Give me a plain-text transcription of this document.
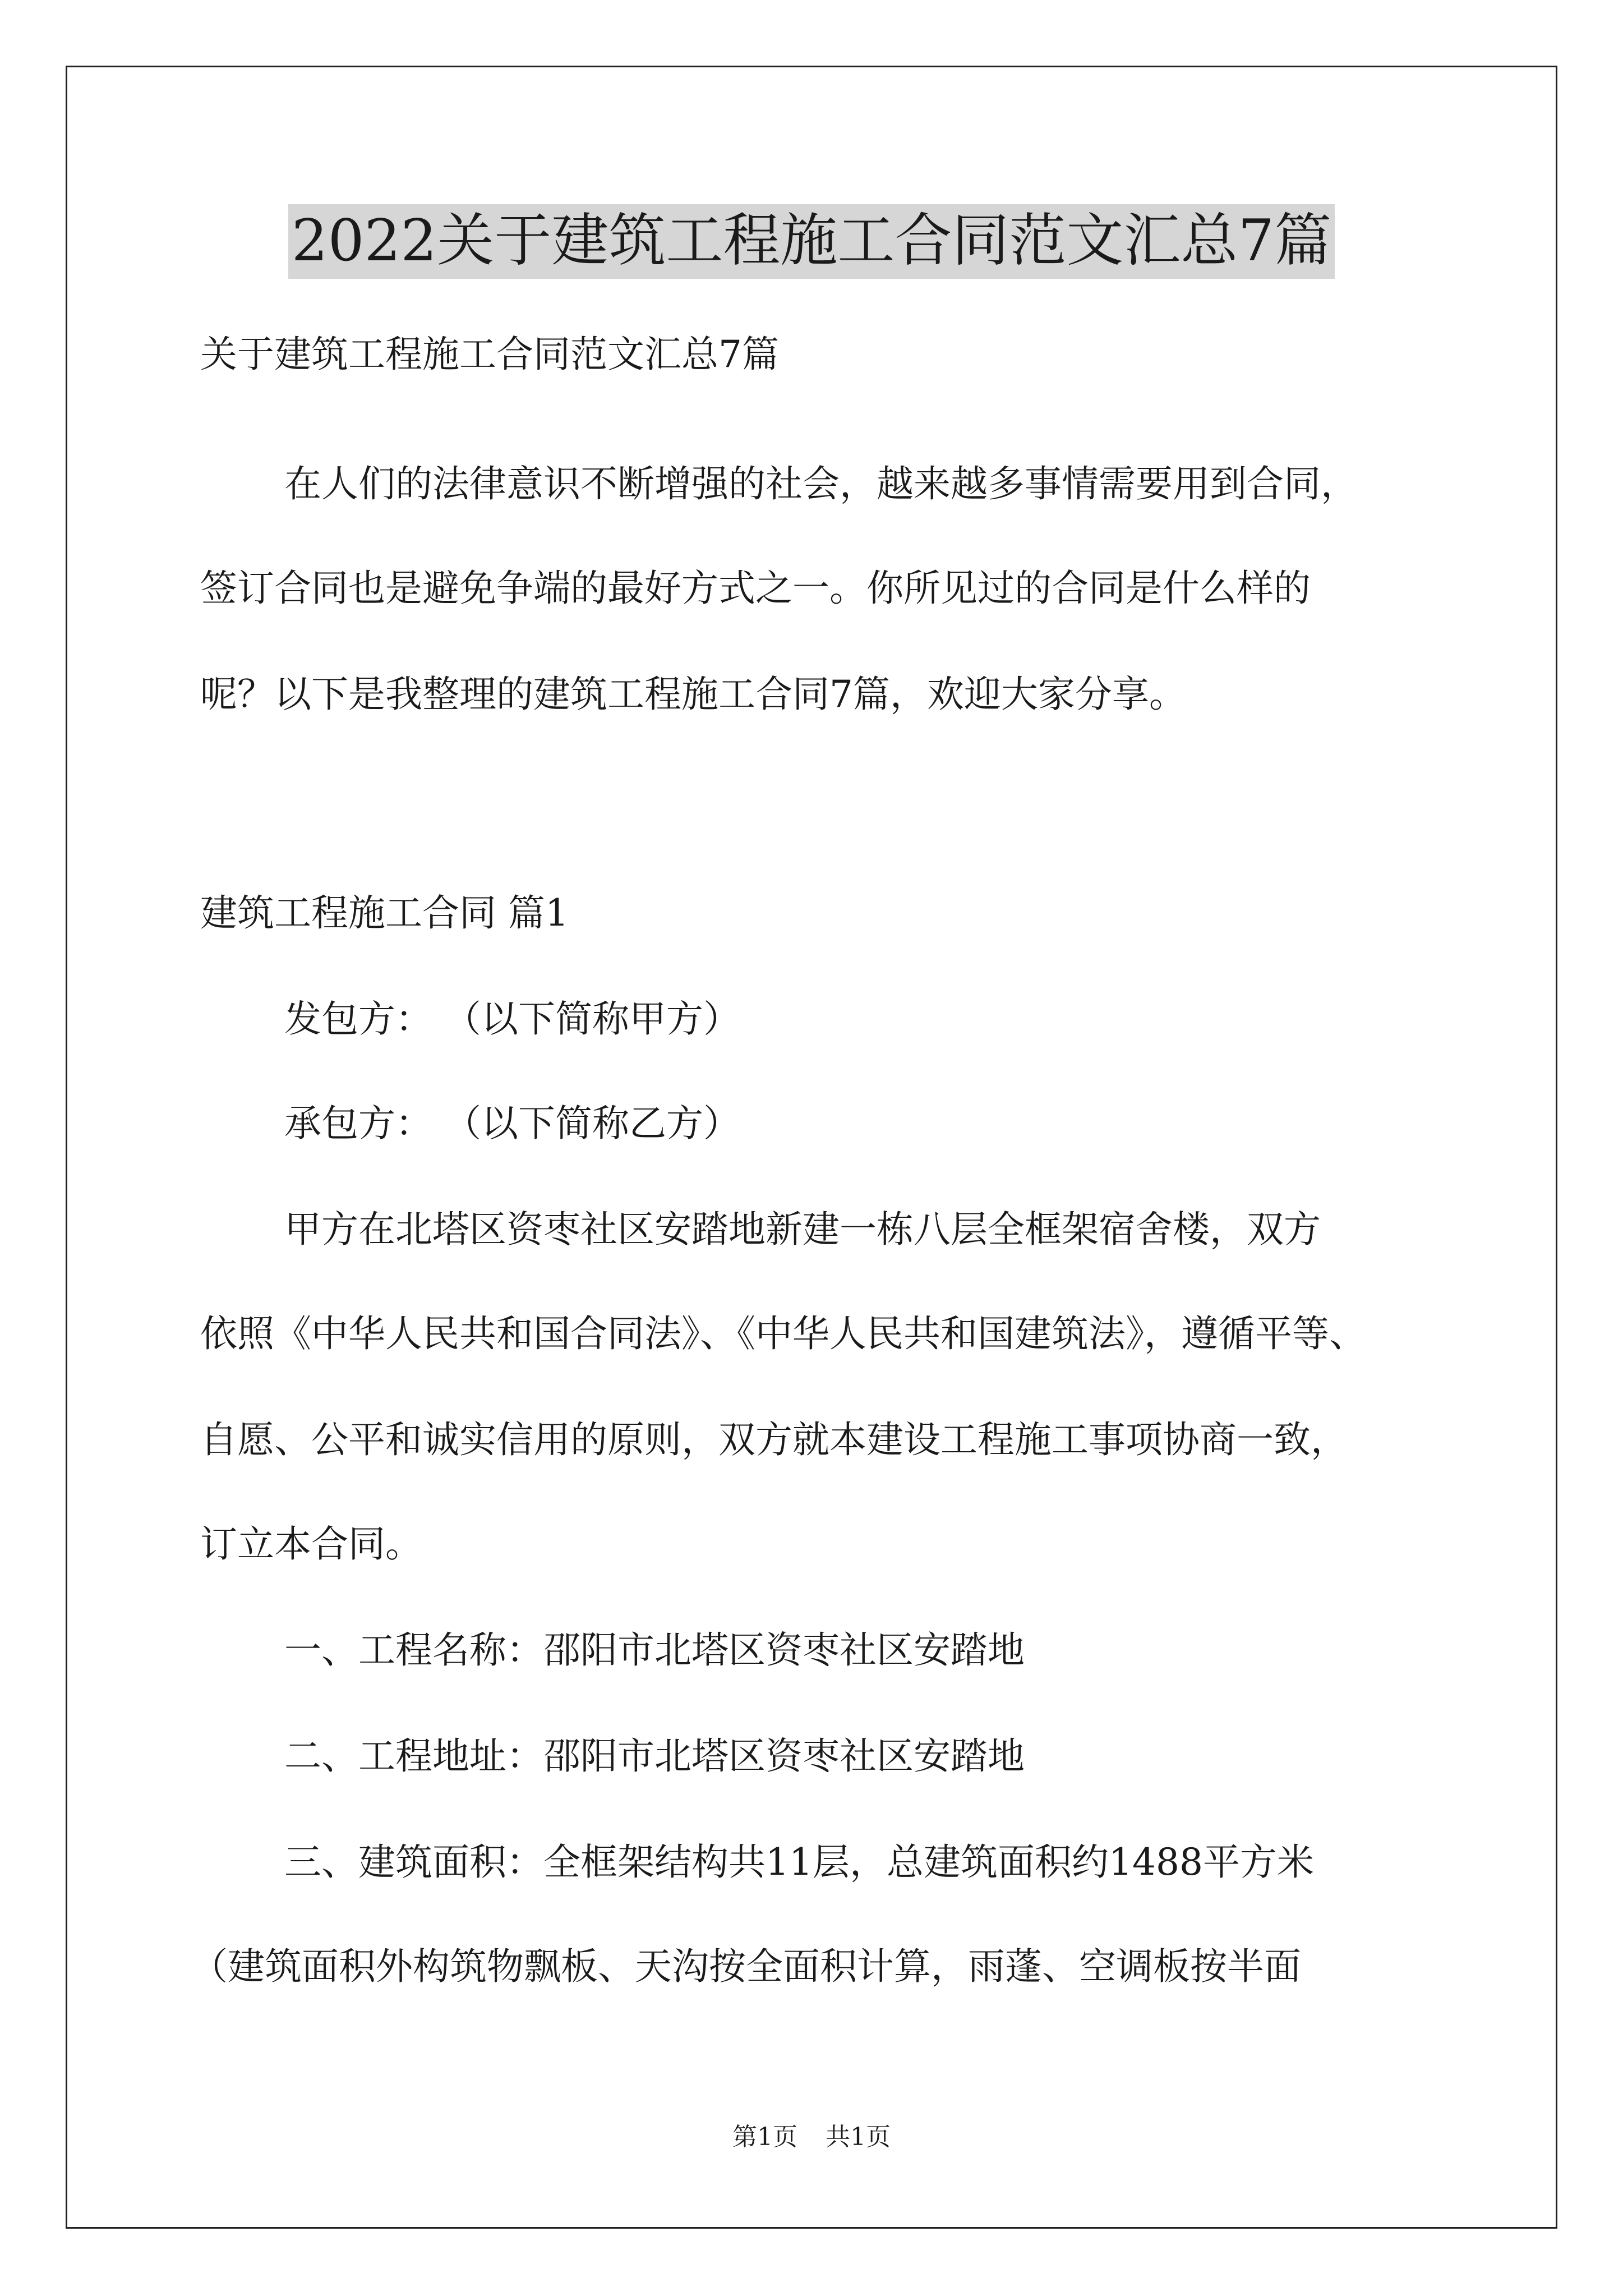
2022关于建筑工程施工合同范文汇总7篇
关于建筑工程施工合同范文汇总7篇
在人们的法律意识不断增强的社会，越来越多事情需要用到合同，
签订合同也是避免争端的最好方式之一。你所见过的合同是什么样的
呢？以下是我整理的建筑工程施工合同7篇，欢迎大家分享。
建筑工程施工合同 篇1
发包方： （以下简称甲方）
承包方： （以下简称乙方）
甲方在北塔区资枣社区安踏地新建一栋八层全框架宿舍楼，双方
依照《中华人民共和国合同法》、《中华人民共和国建筑法》，遵循平等、
自愿、公平和诚实信用的原则，双方就本建设工程施工事项协商一致，
订立本合同。
一、工程名称：邵阳市北塔区资枣社区安踏地
二、工程地址：邵阳市北塔区资枣社区安踏地
三、建筑面积：全框架结构共11层，总建筑面积约1488平方米
（建筑面积外构筑物飘板、天沟按全面积计算，雨蓬、空调板按半面
第1页 共1页
